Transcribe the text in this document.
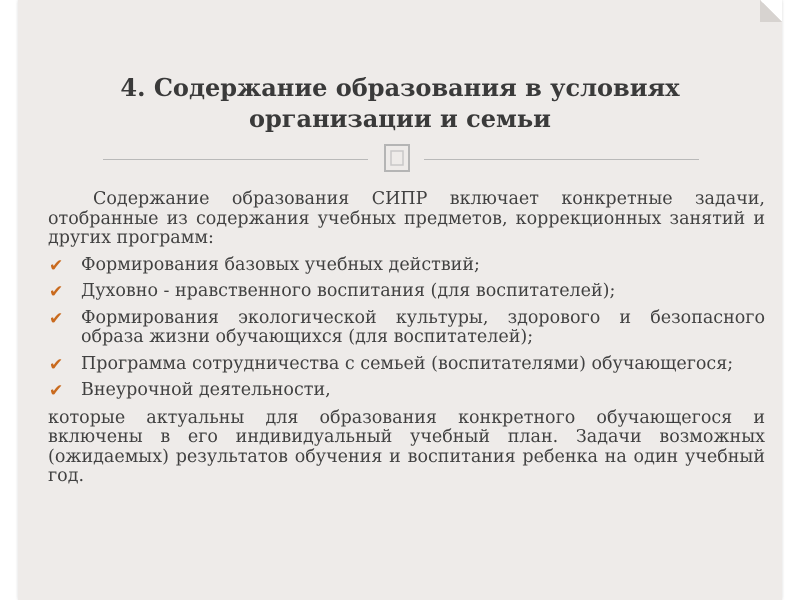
4. Содержание образования в условиях организации и семьи

Содержание образования СИПР включает конкретные задачи, отобранные из содержания учебных предметов, коррекционных занятий и других программ:

✔ Формирования базовых учебных действий;
✔ Духовно - нравственного воспитания (для воспитателей);
✔ Формирования экологической культуры, здорового и безопасного образа жизни обучающихся (для воспитателей);
✔ Программа сотрудничества с семьей (воспитателями) обучающегося;
✔ Внеурочной деятельности,

которые актуальны для образования конкретного обучающегося и включены в его индивидуальный учебный план. Задачи возможных (ожидаемых) результатов обучения и воспитания ребенка на один учебный год.
